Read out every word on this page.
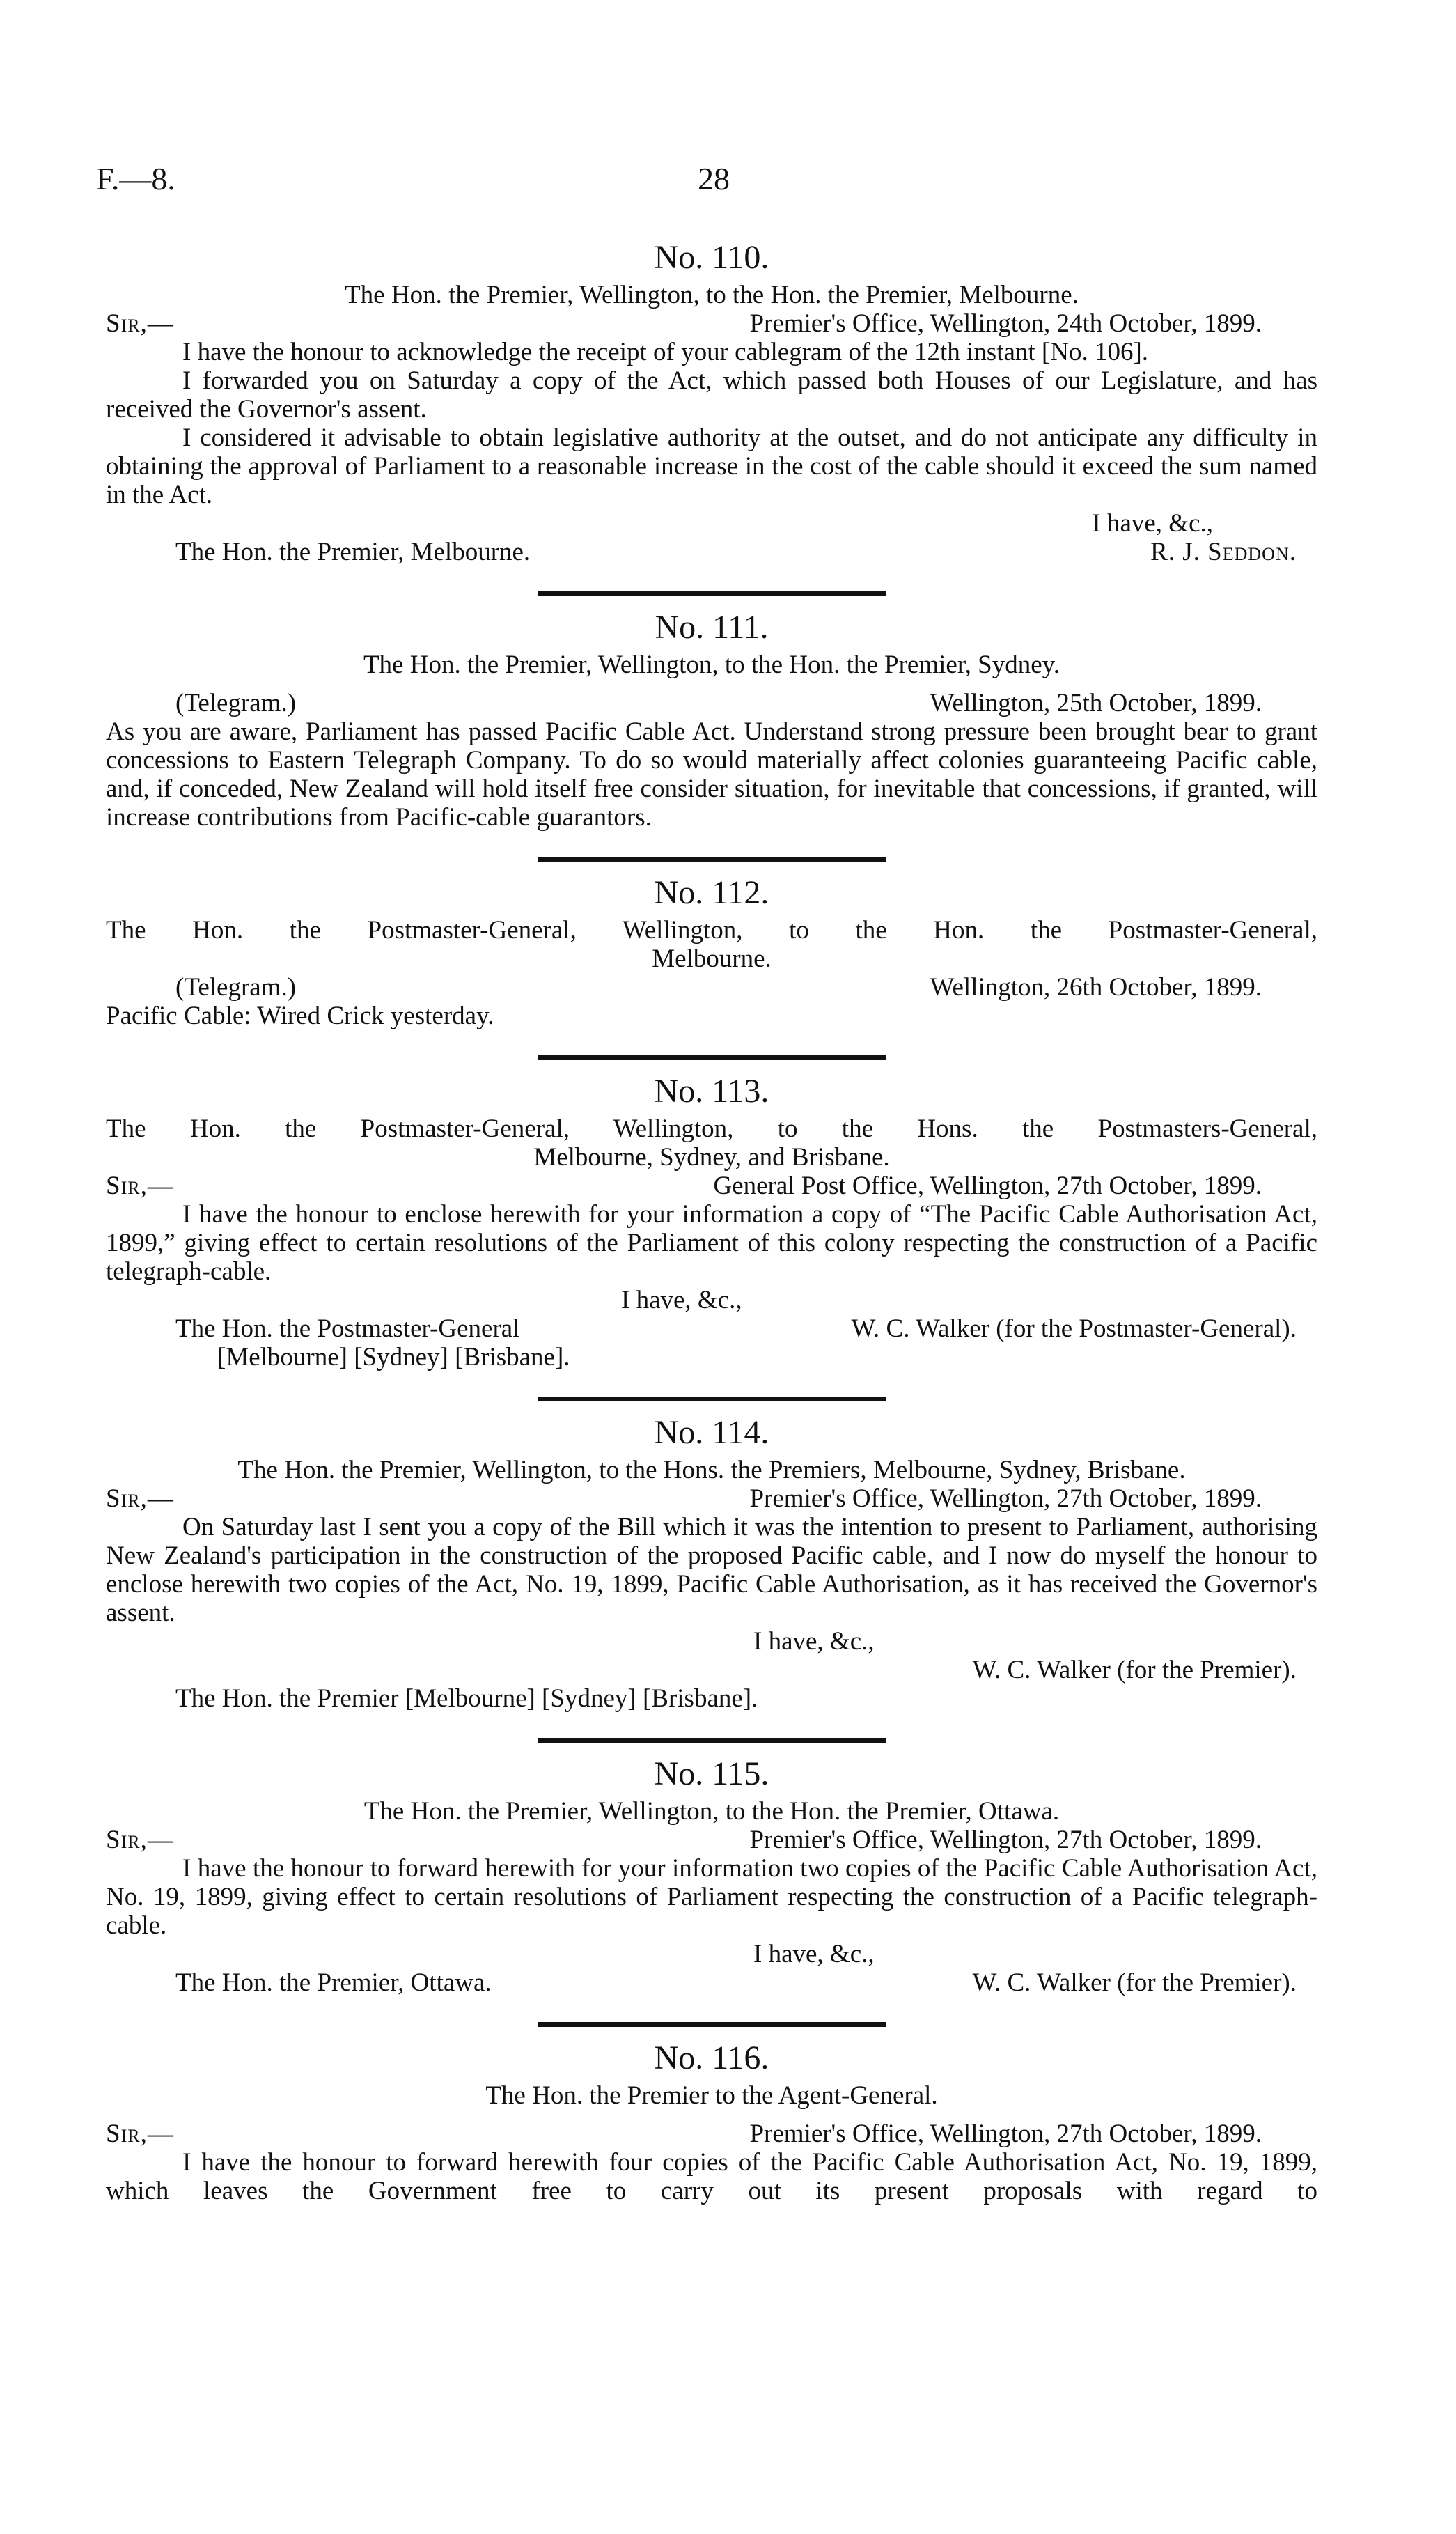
F.—8.	28
No. 110.
The Hon. the Premier, Wellington, to the Hon. the Premier, Melbourne.
Sir,—	Premier's Office, Wellington, 24th October, 1899.
I have the honour to acknowledge the receipt of your cablegram of the 12th instant [No. 106].
I forwarded you on Saturday a copy of the Act, which passed both Houses of our Legislature, and has received the Governor's assent.
I considered it advisable to obtain legislative authority at the outset, and do not anticipate any difficulty in obtaining the approval of Parliament to a reasonable increase in the cost of the cable should it exceed the sum named in the Act.
I have, &c.,
The Hon. the Premier, Melbourne.	R. J. Seddon.
No. 111.
The Hon. the Premier, Wellington, to the Hon. the Premier, Sydney.
(Telegram.)	Wellington, 25th October, 1899.
As you are aware, Parliament has passed Pacific Cable Act. Understand strong pressure been brought bear to grant concessions to Eastern Telegraph Company. To do so would materially affect colonies guaranteeing Pacific cable, and, if conceded, New Zealand will hold itself free consider situation, for inevitable that concessions, if granted, will increase contributions from Pacific-cable guarantors.
No. 112.
The Hon. the Postmaster-General, Wellington, to the Hon. the Postmaster-General,
Melbourne.
(Telegram.)	Wellington, 26th October, 1899.
Pacific Cable: Wired Crick yesterday.
No. 113.
The Hon. the Postmaster-General, Wellington, to the Hons. the Postmasters-General,
Melbourne, Sydney, and Brisbane.
Sir,—	General Post Office, Wellington, 27th October, 1899.
I have the honour to enclose herewith for your information a copy of “The Pacific Cable Authorisation Act, 1899,” giving effect to certain resolutions of the Parliament of this colony respecting the construction of a Pacific telegraph-cable.
I have, &c.,
The Hon. the Postmaster-General	W. C. Walker (for the Postmaster-General).
[Melbourne] [Sydney] [Brisbane].
No. 114.
The Hon. the Premier, Wellington, to the Hons. the Premiers, Melbourne, Sydney, Brisbane.
Sir,—	Premier's Office, Wellington, 27th October, 1899.
On Saturday last I sent you a copy of the Bill which it was the intention to present to Parliament, authorising New Zealand's participation in the construction of the proposed Pacific cable, and I now do myself the honour to enclose herewith two copies of the Act, No. 19, 1899, Pacific Cable Authorisation, as it has received the Governor's assent.
I have, &c.,
W. C. Walker (for the Premier).
The Hon. the Premier [Melbourne] [Sydney] [Brisbane].
No. 115.
The Hon. the Premier, Wellington, to the Hon. the Premier, Ottawa.
Sir,—	Premier's Office, Wellington, 27th October, 1899.
I have the honour to forward herewith for your information two copies of the Pacific Cable Authorisation Act, No. 19, 1899, giving effect to certain resolutions of Parliament respecting the construction of a Pacific telegraph-cable.
I have, &c.,
The Hon. the Premier, Ottawa.	W. C. Walker (for the Premier).
No. 116.
The Hon. the Premier to the Agent-General.
Sir,—	Premier's Office, Wellington, 27th October, 1899.
I have the honour to forward herewith four copies of the Pacific Cable Authorisation Act, No. 19, 1899, which leaves the Government free to carry out its present proposals with regard to
